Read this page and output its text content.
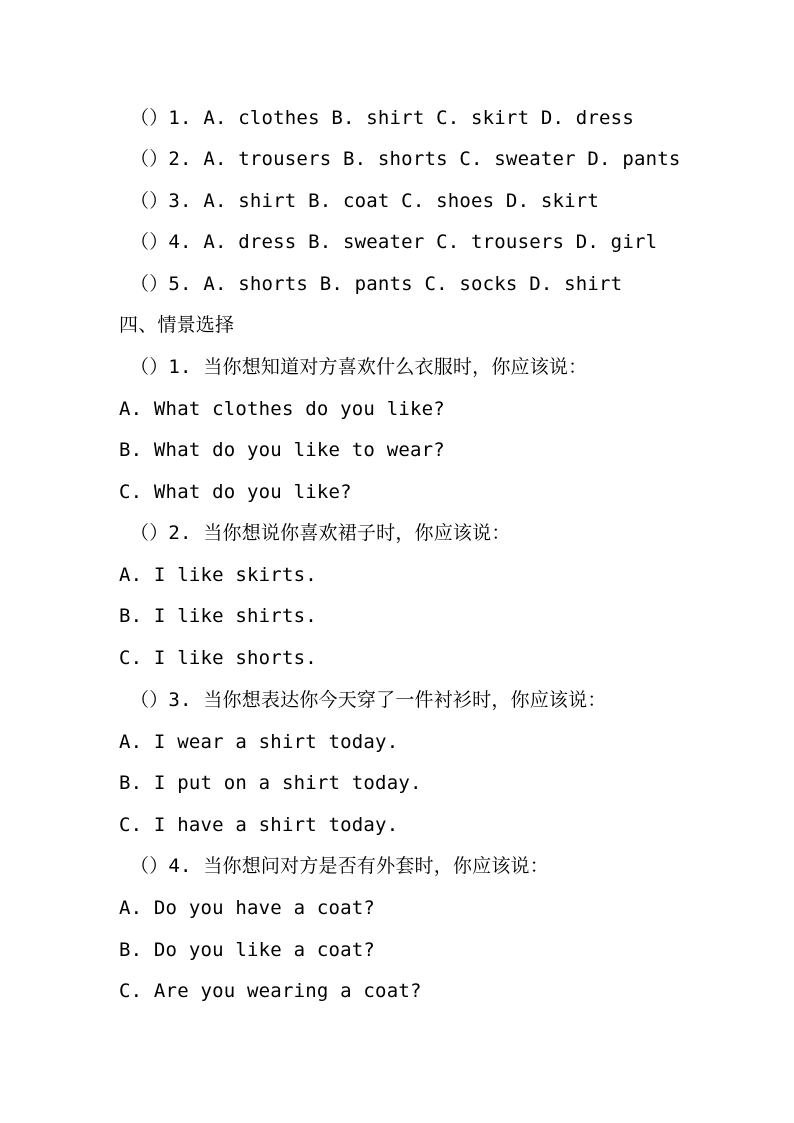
（）1. A. clothes B. shirt C. skirt D. dress
（）2. A. trousers B. shorts C. sweater D. pants
（）3. A. shirt B. coat C. shoes D. skirt
（）4. A. dress B. sweater C. trousers D. girl
（）5. A. shorts B. pants C. socks D. shirt
四、情景选择
（）1. 当你想知道对方喜欢什么衣服时，你应该说：
A. What clothes do you like?
B. What do you like to wear?
C. What do you like?
（）2. 当你想说你喜欢裙子时，你应该说：
A. I like skirts.
B. I like shirts.
C. I like shorts.
（）3. 当你想表达你今天穿了一件衬衫时，你应该说：
A. I wear a shirt today.
B. I put on a shirt today.
C. I have a shirt today.
（）4. 当你想问对方是否有外套时，你应该说：
A. Do you have a coat?
B. Do you like a coat?
C. Are you wearing a coat?
